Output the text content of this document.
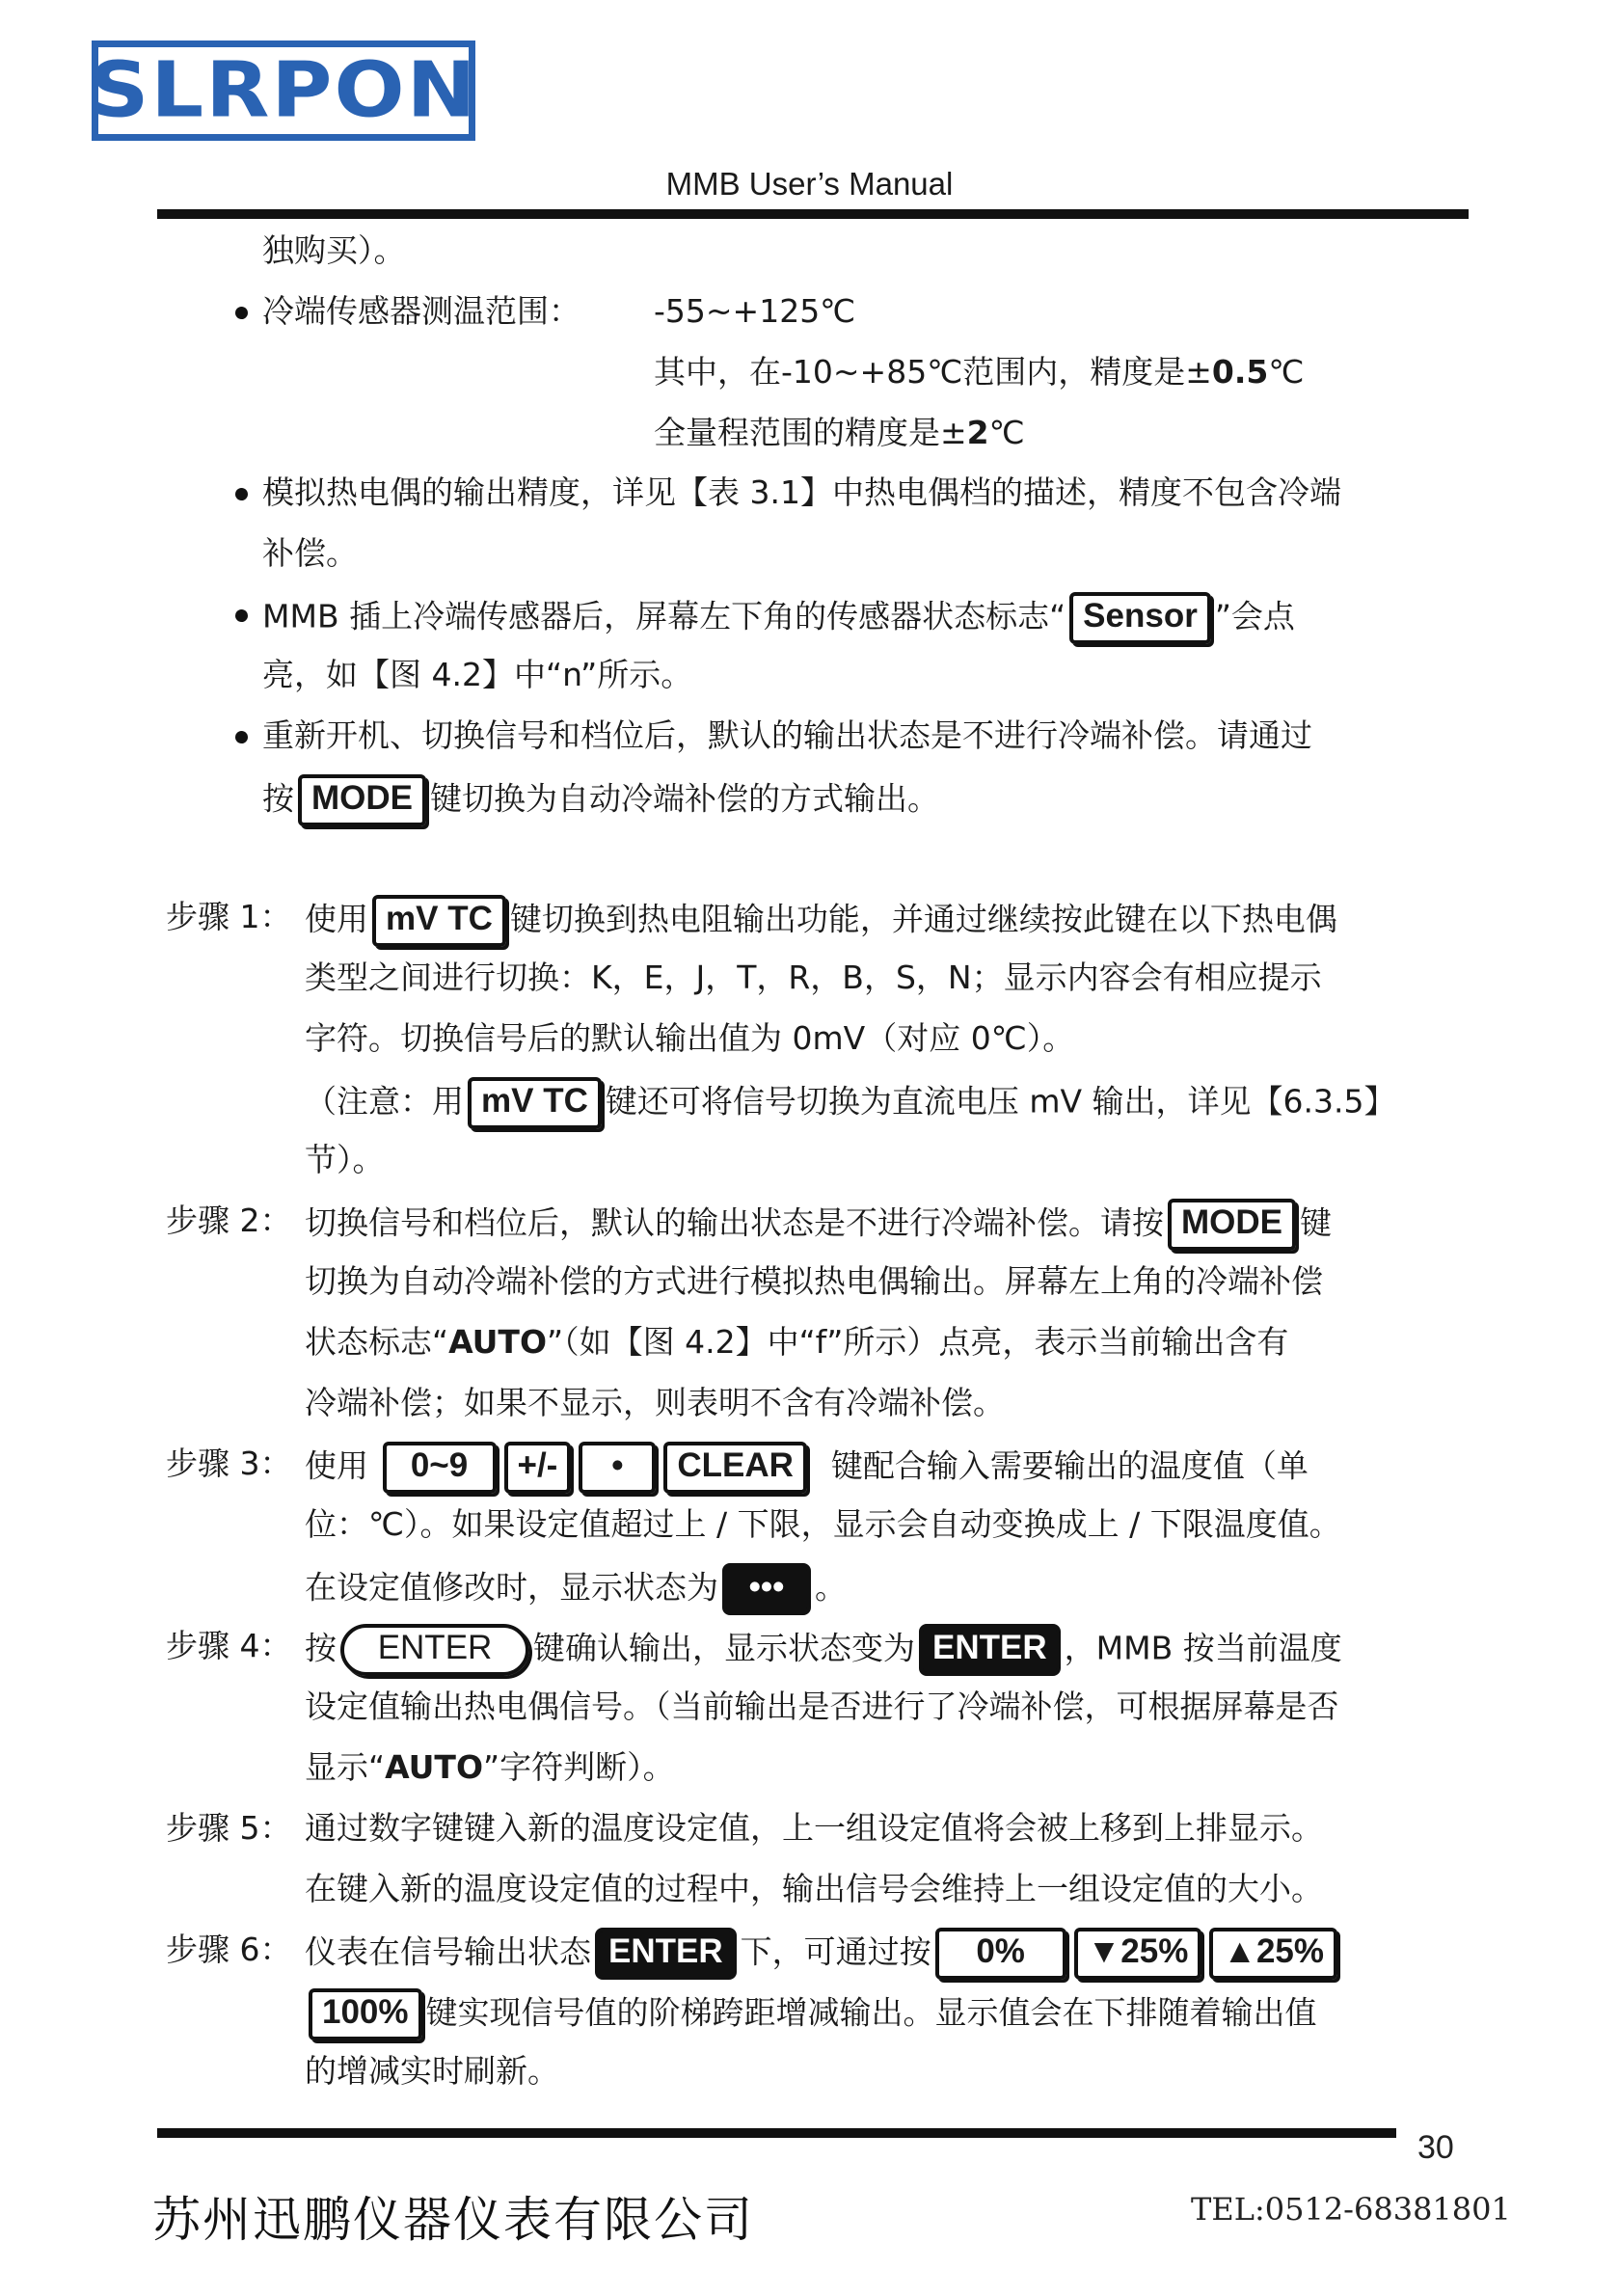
SLRPON
MMB User’s Manual
独购买）。
冷端传感器测温范围： -55~+125℃
其中，在-10~+85℃范围内，精度是±0.5℃
全量程范围的精度是±2℃
模拟热电偶的输出精度，详见【表 3.1】中热电偶档的描述，精度不包含冷端
补偿。
MMB 插上冷端传感器后，屏幕左下角的传感器状态标志“ Sensor ”会点
亮，如【图 4.2】中“n”所示。
重新开机、切换信号和档位后，默认的输出状态是不进行冷端补偿。请通过
按 MODE 键切换为自动冷端补偿的方式输出。
步骤 1： 使用 mV TC 键切换到热电阻输出功能，并通过继续按此键在以下热电偶
类型之间进行切换：K，E，J，T，R，B，S，N；显示内容会有相应提示
字符。切换信号后的默认输出值为 0mV（对应 0℃）。
（注意：用 mV TC 键还可将信号切换为直流电压 mV 输出，详见【6.3.5】
节）。
步骤 2： 切换信号和档位后，默认的输出状态是不进行冷端补偿。请按 MODE 键
切换为自动冷端补偿的方式进行模拟热电偶输出。屏幕左上角的冷端补偿
状态标志“AUTO”（如【图 4.2】中“f”所示）点亮，表示当前输出含有
冷端补偿；如果不显示，则表明不含有冷端补偿。
步骤 3： 使用 0~9 +/- • CLEAR 键配合输入需要输出的温度值（单
位：℃）。如果设定值超过上 / 下限，显示会自动变换成上 / 下限温度值。
在设定值修改时，显示状态为 ••• 。
步骤 4： 按 ENTER 键确认输出，显示状态变为 ENTER ，MMB 按当前温度
设定值输出热电偶信号。（当前输出是否进行了冷端补偿，可根据屏幕是否
显示“AUTO”字符判断）。
步骤 5： 通过数字键键入新的温度设定值，上一组设定值将会被上移到上排显示。
在键入新的温度设定值的过程中，输出信号会维持上一组设定值的大小。
步骤 6： 仪表在信号输出状态 ENTER 下，可通过按 0% ▼25% ▲25%
100% 键实现信号值的阶梯跨距增减输出。显示值会在下排随着输出值
的增减实时刷新。
30
苏州迅鹏仪器仪表有限公司	TEL:0512-68381801
